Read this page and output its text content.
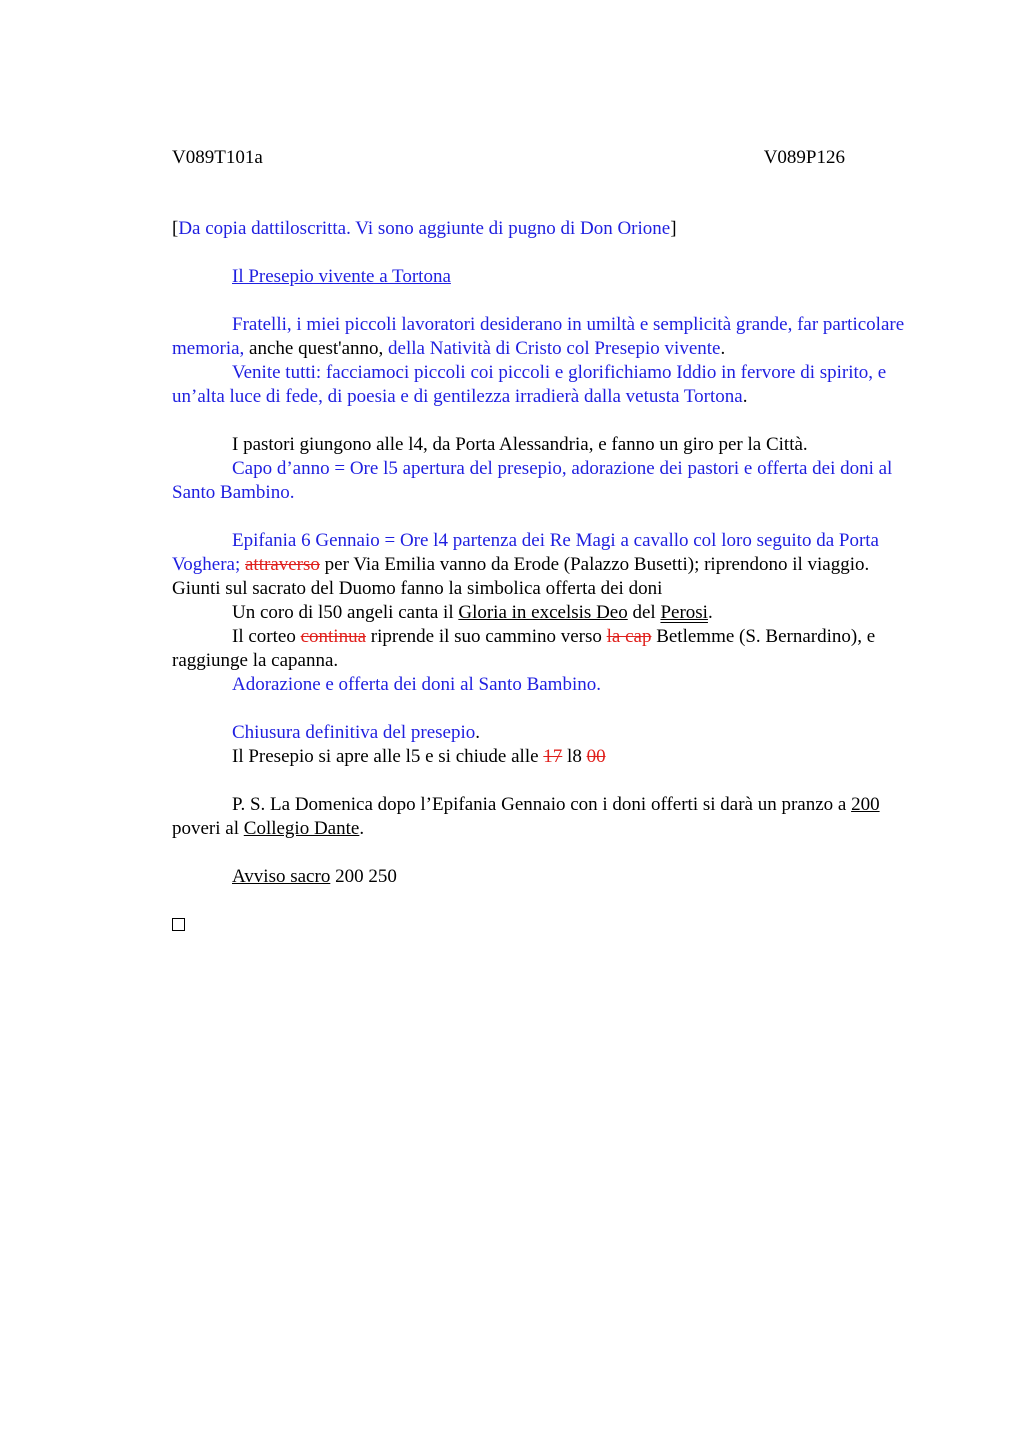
V089T101a	V089P126

[Da copia dattiloscritta. Vi sono aggiunte di pugno di Don Orione]

Il Presepio vivente a Tortona

Fratelli, i miei piccoli lavoratori desiderano in umiltà e semplicità grande, far particolare memoria, anche quest'anno, della Natività di Cristo col Presepio vivente.

Venite tutti: facciamoci piccoli coi piccoli e glorifichiamo Iddio in fervore di spirito, e un’alta luce di fede, di poesia e di gentilezza irradierà dalla vetusta Tortona.

I pastori giungono alle l4, da Porta Alessandria, e fanno un giro per la Città.

Capo d’anno = Ore l5 apertura del presepio, adorazione dei pastori e offerta dei doni al Santo Bambino.

Epifania 6 Gennaio = Ore l4 partenza dei Re Magi a cavallo col loro seguito da Porta Voghera; attraverso per Via Emilia vanno da Erode (Palazzo Busetti); riprendono il viaggio. Giunti sul sacrato del Duomo fanno la simbolica offerta dei doni

Un coro di l50 angeli canta il Gloria in excelsis Deo del Perosi.

Il corteo continua riprende il suo cammino verso la cap Betlemme (S. Bernardino), e raggiunge la capanna.

Adorazione e offerta dei doni al Santo Bambino.

Chiusura definitiva del presepio.

Il Presepio si apre alle l5 e si chiude alle 17 l8 00

P. S. La Domenica dopo l’Epifania Gennaio con i doni offerti si darà un pranzo a 200 poveri al Collegio Dante.

Avviso sacro 200 250
